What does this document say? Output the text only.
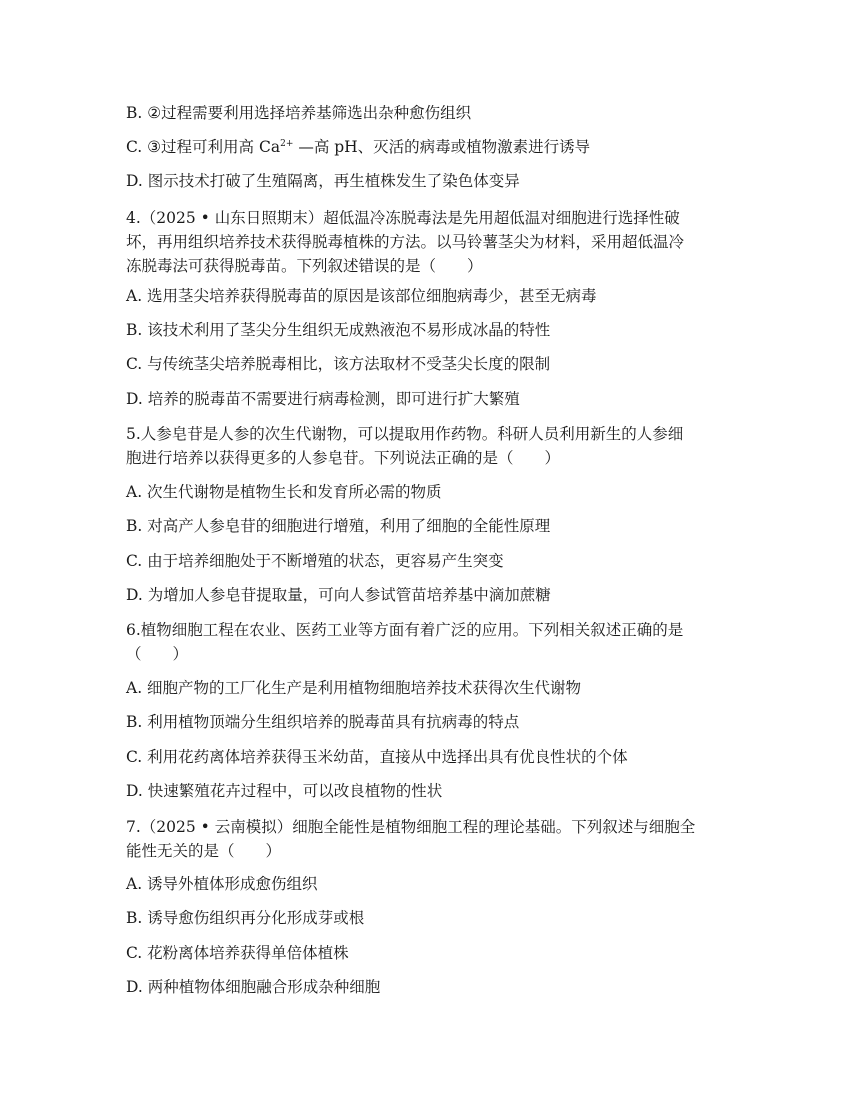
B. ②过程需要利用选择培养基筛选出杂种愈伤组织
C. ③过程可利用高 $Ca^{2+}$ —高 pH、灭活的病毒或植物激素进行诱导
D. 图示技术打破了生殖隔离，再生植株发生了染色体变异
4.（2025 • 山东日照期末）超低温冷冻脱毒法是先用超低温对细胞进行选择性破
坏，再用组织培养技术获得脱毒植株的方法。以马铃薯茎尖为材料，采用超低温冷
冻脱毒法可获得脱毒苗。下列叙述错误的是（　　）
A. 选用茎尖培养获得脱毒苗的原因是该部位细胞病毒少，甚至无病毒
B. 该技术利用了茎尖分生组织无成熟液泡不易形成冰晶的特性
C. 与传统茎尖培养脱毒相比，该方法取材不受茎尖长度的限制
D. 培养的脱毒苗不需要进行病毒检测，即可进行扩大繁殖
5.人参皂苷是人参的次生代谢物，可以提取用作药物。科研人员利用新生的人参细
胞进行培养以获得更多的人参皂苷。下列说法正确的是（　　）
A. 次生代谢物是植物生长和发育所必需的物质
B. 对高产人参皂苷的细胞进行增殖，利用了细胞的全能性原理
C. 由于培养细胞处于不断增殖的状态，更容易产生突变
D. 为增加人参皂苷提取量，可向人参试管苗培养基中滴加蔗糖
6.植物细胞工程在农业、医药工业等方面有着广泛的应用。下列相关叙述正确的是
（　　）
A. 细胞产物的工厂化生产是利用植物细胞培养技术获得次生代谢物
B. 利用植物顶端分生组织培养的脱毒苗具有抗病毒的特点
C. 利用花药离体培养获得玉米幼苗，直接从中选择出具有优良性状的个体
D. 快速繁殖花卉过程中，可以改良植物的性状
7.（2025 • 云南模拟）细胞全能性是植物细胞工程的理论基础。下列叙述与细胞全
能性无关的是（　　）
A. 诱导外植体形成愈伤组织
B. 诱导愈伤组织再分化形成芽或根
C. 花粉离体培养获得单倍体植株
D. 两种植物体细胞融合形成杂种细胞
